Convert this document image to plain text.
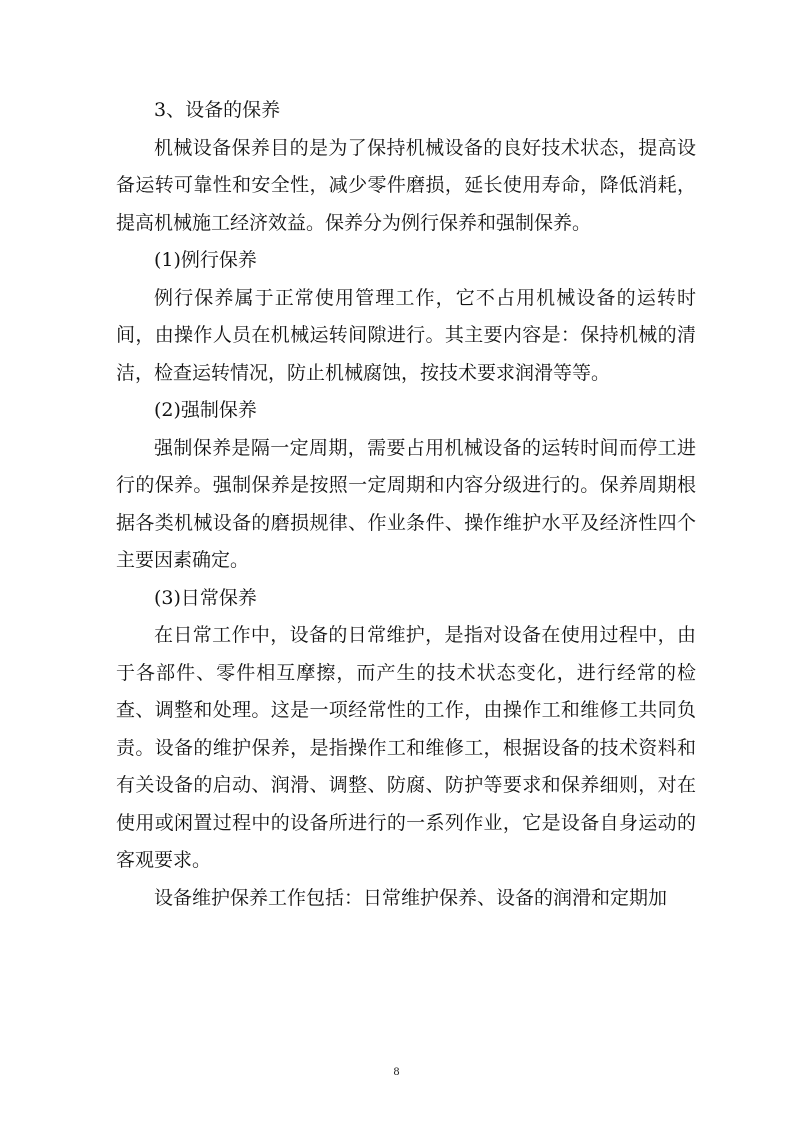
3、设备的保养

机械设备保养目的是为了保持机械设备的良好技术状态，提高设备运转可靠性和安全性，减少零件磨损，延长使用寿命，降低消耗，提高机械施工经济效益。保养分为例行保养和强制保养。

(1)例行保养

例行保养属于正常使用管理工作，它不占用机械设备的运转时间，由操作人员在机械运转间隙进行。其主要内容是：保持机械的清洁，检查运转情况，防止机械腐蚀，按技术要求润滑等等。

(2)强制保养

强制保养是隔一定周期，需要占用机械设备的运转时间而停工进行的保养。强制保养是按照一定周期和内容分级进行的。保养周期根据各类机械设备的磨损规律、作业条件、操作维护水平及经济性四个主要因素确定。

(3)日常保养

在日常工作中，设备的日常维护，是指对设备在使用过程中，由于各部件、零件相互摩擦，而产生的技术状态变化，进行经常的检查、调整和处理。这是一项经常性的工作，由操作工和维修工共同负责。设备的维护保养，是指操作工和维修工，根据设备的技术资料和有关设备的启动、润滑、调整、防腐、防护等要求和保养细则，对在使用或闲置过程中的设备所进行的一系列作业，它是设备自身运动的客观要求。

设备维护保养工作包括：日常维护保养、设备的润滑和定期加

8
